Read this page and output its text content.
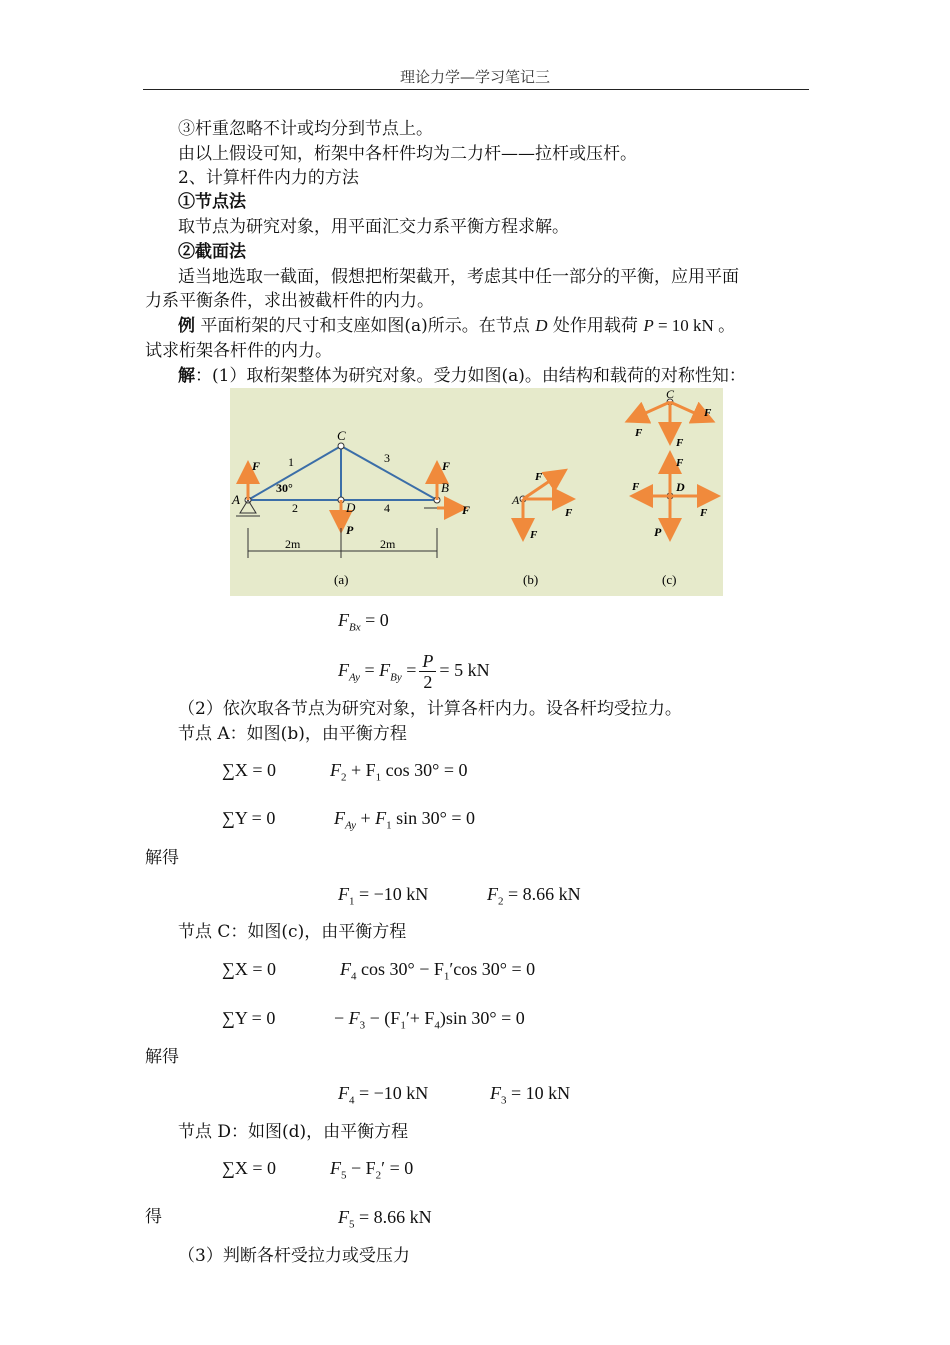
理论力学—学习笔记三
③杆重忽略不计或均分到节点上。
由以上假设可知，桁架中各杆件均为二力杆——拉杆或压杆。
2、计算杆件内力的方法
①节点法
取节点为研究对象，用平面汇交力系平衡方程求解。
②截面法
适当地选取一截面，假想把桁架截开，考虑其中任一部分的平衡，应用平面
力系平衡条件，求出被截杆件的内力。
例 平面桁架的尺寸和支座如图(a)所示。在节点 D 处作用载荷 P = 10 kN 。
试求桁架各杆件的内力。
解：(1）取桁架整体为研究对象。受力如图(a)。由结构和载荷的对称性知：
A
C
D
B
1
2
3
4
30°
F	F
F
P
2m	2m
(a)
A
F
F
F
(b)
C
F
F
F
F
F	D
F
P
(c)
$F_{Bx} = 0$
$F_{Ay} = F_{By} = \frac{P}{2} = 5$ kN
（2）依次取各节点为研究对象，计算各杆内力。设各杆均受拉力。
节点 A：如图(b)，由平衡方程
∑X = 0	$F_2 + F_1$ cos 30° = 0
∑Y = 0	$F_{Ay} + F_1$ sin 30° = 0
解得
$F_1 = -10$ kN	$F_2 = 8.66$ kN
节点 C：如图(c)，由平衡方程
∑X = 0	$F_4$ $\cos 30^\circ - F_1'\cos$ 30° = 0
∑Y = 0	− $F_3 - (F_1'+ F_4)\sin$ 30° = 0
解得
$F_4 = -10$ kN	$F_3 = 10$ kN
节点 D：如图(d)，由平衡方程
∑X = 0	$F_5 - F_2' = 0$
得	$F_5 = 8.66$ kN
（3）判断各杆受拉力或受压力
